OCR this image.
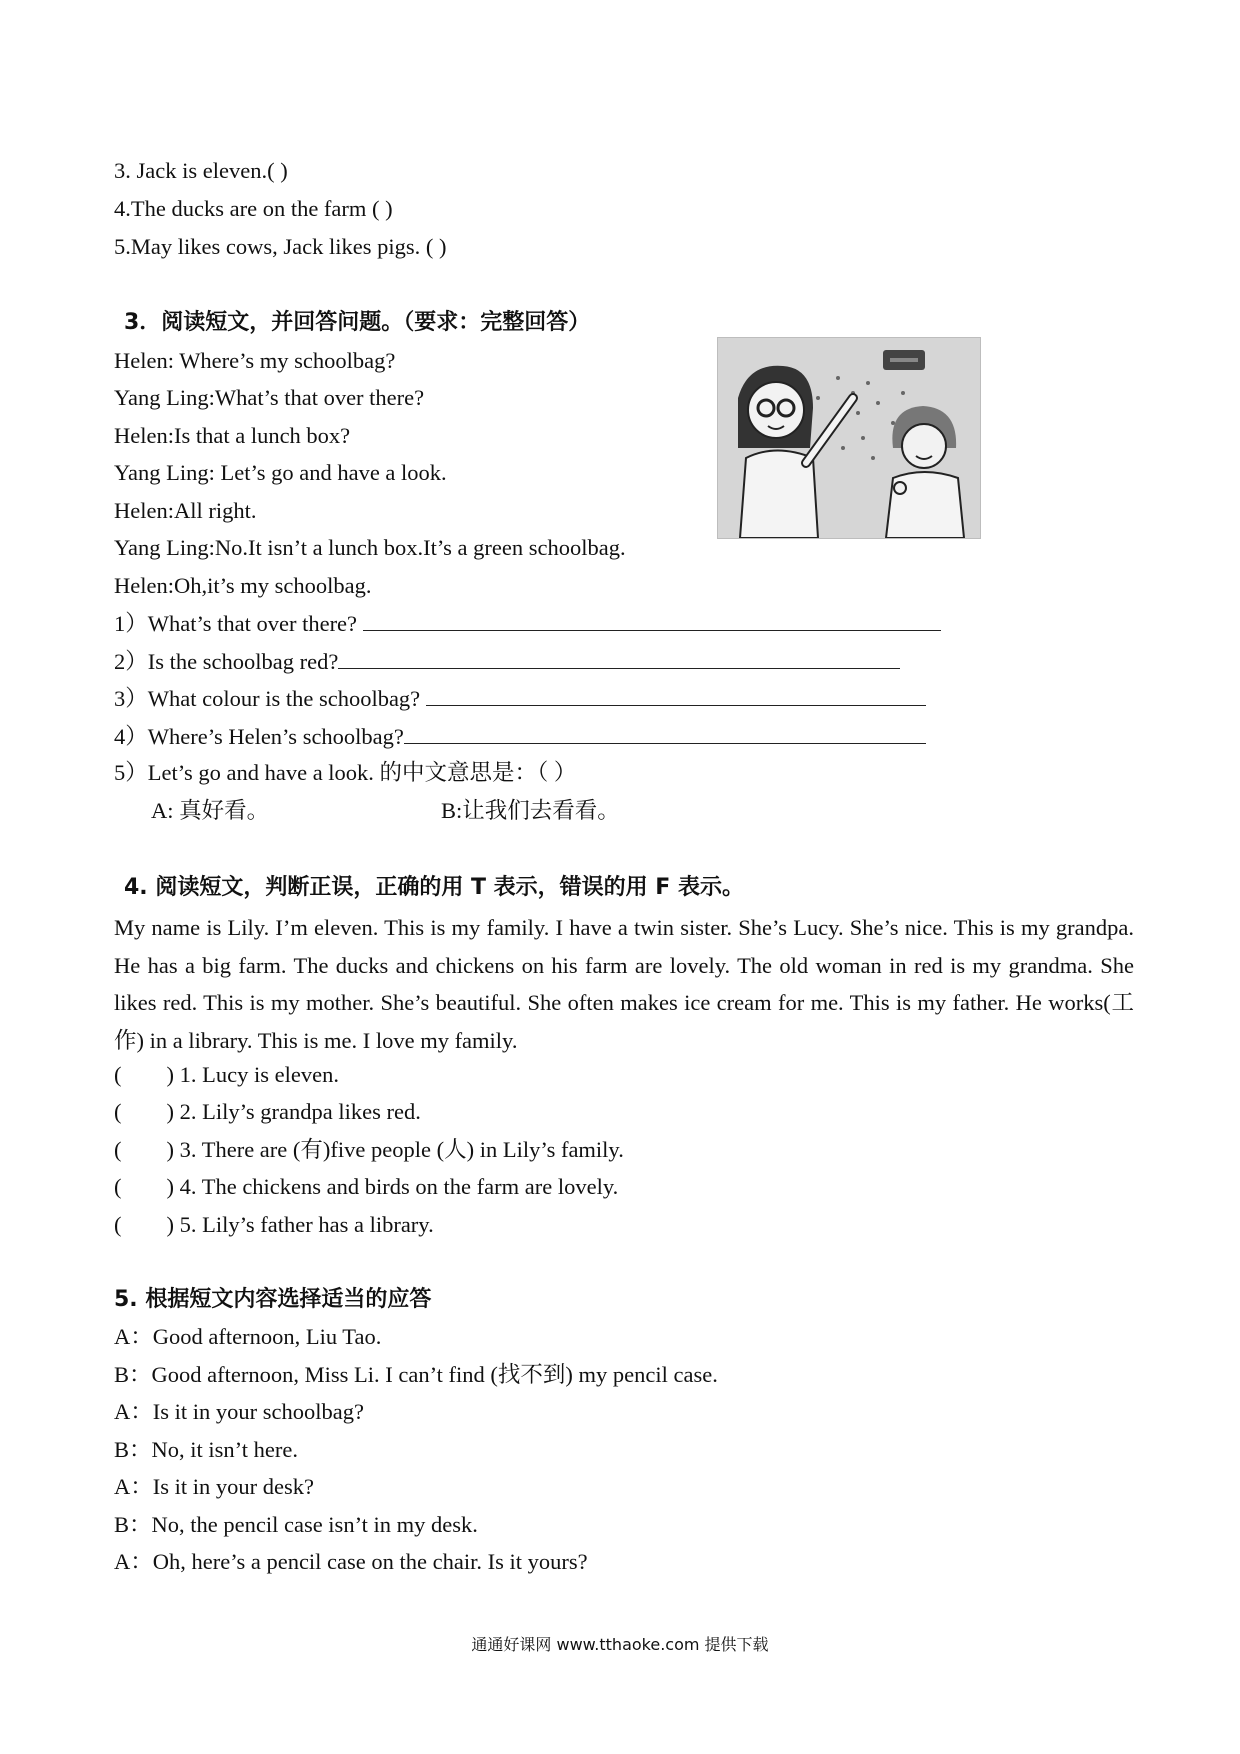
3. Jack is eleven.( )
4.The ducks are on the farm ( )
5.May likes cows, Jack likes pigs. ( )
3．阅读短文，并回答问题。（要求：完整回答）
Helen: Where’s my schoolbag?
Yang Ling:What’s that over there?
Helen:Is that a lunch box?
Yang Ling: Let’s go and have a look.
Helen:All right.
Yang Ling:No.It isn’t a lunch box.It’s a green schoolbag.
Helen:Oh,it’s my schoolbag.
1）What’s that over there?
2）Is the schoolbag red?
3）What colour is the schoolbag?
4）Where’s Helen’s schoolbag?
5）Let’s go and have a look. 的中文意思是：（ ）
A: 真好看。	B:让我们去看看。
4. 阅读短文，判断正误，正确的用 T 表示，错误的用 F 表示。
My name is Lily. I’m eleven. This is my family. I have a twin sister. She’s Lucy. She’s nice. This is my grandpa. He has a big farm. The ducks and chickens on his farm are lovely. The old woman in red is my grandma. She likes red. This is my mother. She’s beautiful. She often makes ice cream for me. This is my father. He works(工作) in a library. This is me. I love my family.
(        ) 1. Lucy is eleven.
(        ) 2. Lily’s grandpa likes red.
(        ) 3. There are (有)five people (人) in Lily’s family.
(        ) 4. The chickens and birds on the farm are lovely.
(        ) 5. Lily’s father has a library.
5. 根据短文内容选择适当的应答
A：Good afternoon, Liu Tao.
B：Good afternoon, Miss Li. I can’t find (找不到) my pencil case.
A：Is it in your schoolbag?
B：No, it isn’t here.
A：Is it in your desk?
B：No, the pencil case isn’t in my desk.
A：Oh, here’s a pencil case on the chair. Is it yours?
通通好课网 www.tthaoke.com 提供下载
